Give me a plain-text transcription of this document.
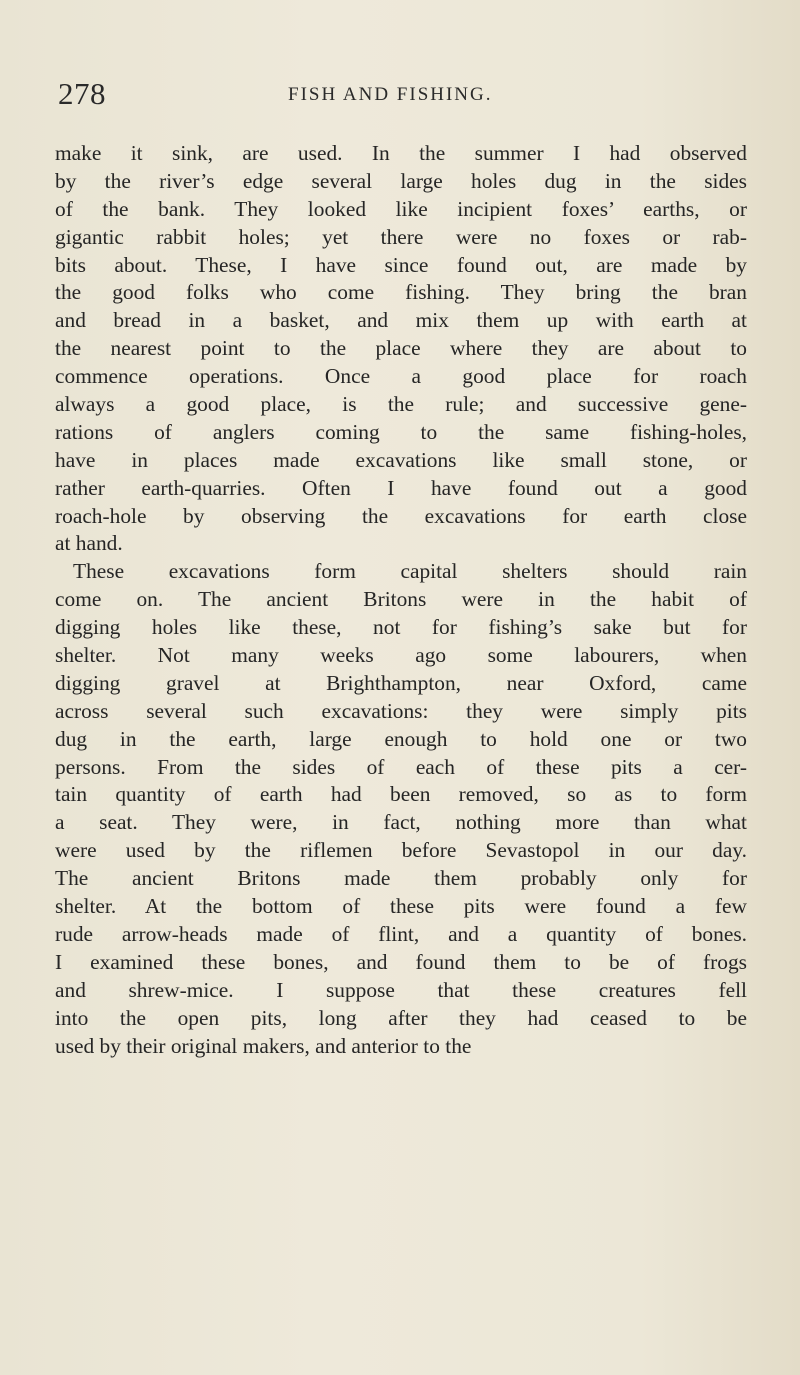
278	FISH AND FISHING.
make it sink, are used. In the summer I had observed
by the river’s edge several large holes dug in the sides
of the bank. They looked like incipient foxes’ earths, or
gigantic rabbit holes; yet there were no foxes or rab-
bits about. These, I have since found out, are made by
the good folks who come fishing. They bring the bran
and bread in a basket, and mix them up with earth at
the nearest point to the place where they are about to
commence operations. Once a good place for roach
always a good place, is the rule; and successive gene-
rations of anglers coming to the same fishing-holes,
have in places made excavations like small stone, or
rather earth-quarries. Often I have found out a good
roach-hole by observing the excavations for earth close
at hand.
These excavations form capital shelters should rain
come on. The ancient Britons were in the habit of
digging holes like these, not for fishing’s sake but for
shelter. Not many weeks ago some labourers, when
digging gravel at Brighthampton, near Oxford, came
across several such excavations: they were simply pits
dug in the earth, large enough to hold one or two
persons. From the sides of each of these pits a cer-
tain quantity of earth had been removed, so as to form
a seat. They were, in fact, nothing more than what
were used by the riflemen before Sevastopol in our day.
The ancient Britons made them probably only for
shelter. At the bottom of these pits were found a few
rude arrow-heads made of flint, and a quantity of bones.
I examined these bones, and found them to be of frogs
and shrew-mice. I suppose that these creatures fell
into the open pits, long after they had ceased to be
used by their original makers, and anterior to the
